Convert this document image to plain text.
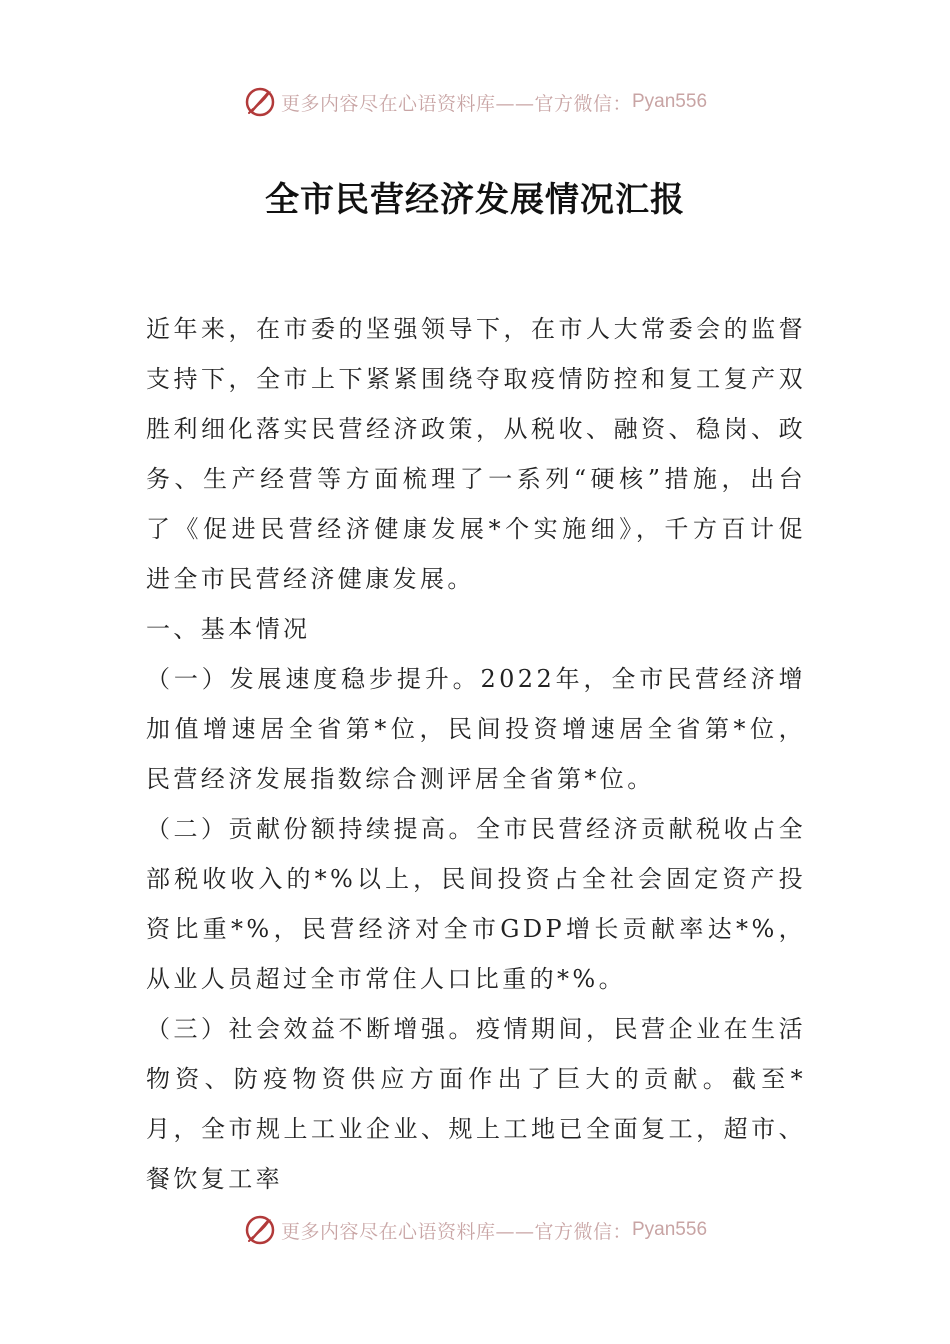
更多内容尽在心语资料库——官方微信： Pyan556
全市民营经济发展情况汇报

近年来，在市委的坚强领导下，在市人大常委会的监督支持下，全市上下紧紧围绕夺取疫情防控和复工复产双胜利细化落实民营经济政策，从税收、融资、稳岗、政务、生产经营等方面梳理了一系列“硬核”措施，出台了《促进民营经济健康发展*个实施细》，千方百计促进全市民营经济健康发展。

一、基本情况

（一）发展速度稳步提升。2022年，全市民营经济增加值增速居全省第*位，民间投资增速居全省第*位，民营经济发展指数综合测评居全省第*位。

（二）贡献份额持续提高。全市民营经济贡献税收占全部税收收入的*%以上，民间投资占全社会固定资产投资比重*%，民营经济对全市GDP增长贡献率达*%，从业人员超过全市常住人口比重的*%。

（三）社会效益不断增强。疫情期间，民营企业在生活物资、防疫物资供应方面作出了巨大的贡献。截至*月，全市规上工业企业、规上工地已全面复工，超市、餐饮复工率

更多内容尽在心语资料库——官方微信： Pyan556
